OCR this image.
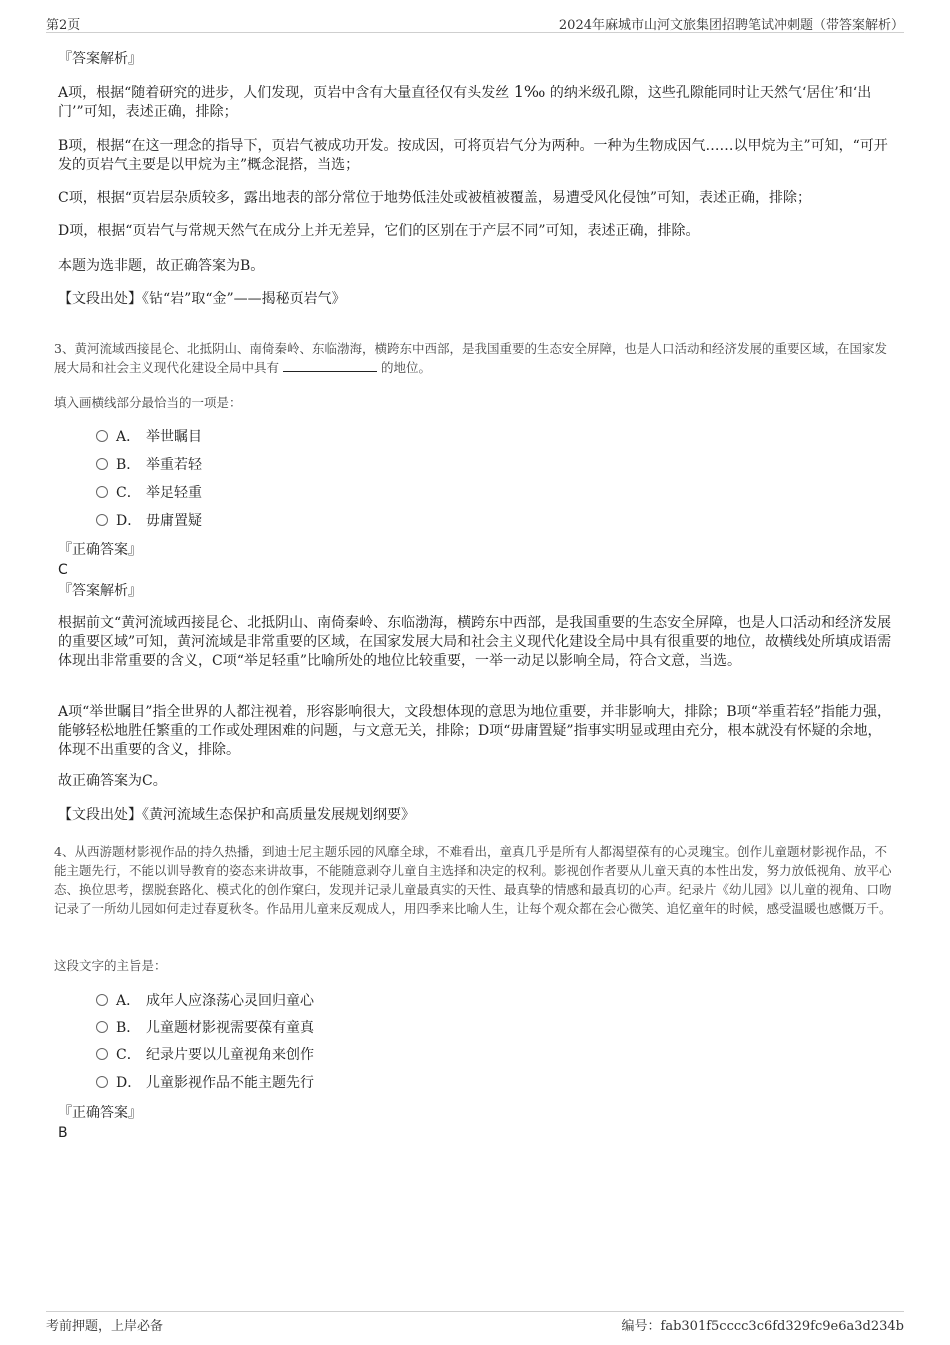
第2页	2024年麻城市山河文旅集团招聘笔试冲刺题（带答案解析）
『答案解析』
A项，根据“随着研究的进步，人们发现，页岩中含有大量直径仅有头发丝 1‰ 的纳米级孔隙，这些孔隙能同时让天然气‘居住’和‘出门’”可知，表述正确，排除；
B项，根据“在这一理念的指导下，页岩气被成功开发。按成因，可将页岩气分为两种。一种为生物成因气……以甲烷为主”可知，“可开发的页岩气主要是以甲烷为主”概念混搭，当选；
C项，根据“页岩层杂质较多，露出地表的部分常位于地势低洼处或被植被覆盖，易遭受风化侵蚀”可知，表述正确，排除；
D项，根据“页岩气与常规天然气在成分上并无差异，它们的区别在于产层不同”可知，表述正确，排除。
本题为选非题，故正确答案为B。
【文段出处】《钻“岩”取“金”——揭秘页岩气》
3、黄河流域西接昆仑、北抵阴山、南倚秦岭、东临渤海，横跨东中西部，是我国重要的生态安全屏障，也是人口活动和经济发展的重要区域，在国家发展大局和社会主义现代化建设全局中具有	的地位。
填入画横线部分最恰当的一项是：
A． 举世瞩目
B． 举重若轻
C． 举足轻重
D． 毋庸置疑
『正确答案』
C
『答案解析』
根据前文“黄河流域西接昆仑、北抵阴山、南倚秦岭、东临渤海，横跨东中西部，是我国重要的生态安全屏障，也是人口活动和经济发展的重要区域”可知，黄河流域是非常重要的区域，在国家发展大局和社会主义现代化建设全局中具有很重要的地位，故横线处所填成语需体现出非常重要的含义，C项“举足轻重”比喻所处的地位比较重要，一举一动足以影响全局，符合文意，当选。
A项“举世瞩目”指全世界的人都注视着，形容影响很大，文段想体现的意思为地位重要，并非影响大，排除；B项“举重若轻”指能力强，能够轻松地胜任繁重的工作或处理困难的问题，与文意无关，排除；D项“毋庸置疑”指事实明显或理由充分，根本就没有怀疑的余地，体现不出重要的含义，排除。
故正确答案为C。
【文段出处】《黄河流域生态保护和高质量发展规划纲要》
4、从西游题材影视作品的持久热播，到迪士尼主题乐园的风靡全球，不难看出，童真几乎是所有人都渴望葆有的心灵瑰宝。创作儿童题材影视作品，不能主题先行，不能以训导教育的姿态来讲故事，不能随意剥夺儿童自主选择和决定的权利。影视创作者要从儿童天真的本性出发，努力放低视角、放平心态、换位思考，摆脱套路化、模式化的创作窠臼，发现并记录儿童最真实的天性、最真挚的情感和最真切的心声。纪录片《幼儿园》以儿童的视角、口吻记录了一所幼儿园如何走过春夏秋冬。作品用儿童来反观成人，用四季来比喻人生，让每个观众都在会心微笑、追忆童年的时候，感受温暖也感慨万千。
这段文字的主旨是：
A． 成年人应涤荡心灵回归童心
B． 儿童题材影视需要葆有童真
C． 纪录片要以儿童视角来创作
D． 儿童影视作品不能主题先行
『正确答案』
B
考前押题，上岸必备	编号：fab301f5cccc3c6fd329fc9e6a3d234b
